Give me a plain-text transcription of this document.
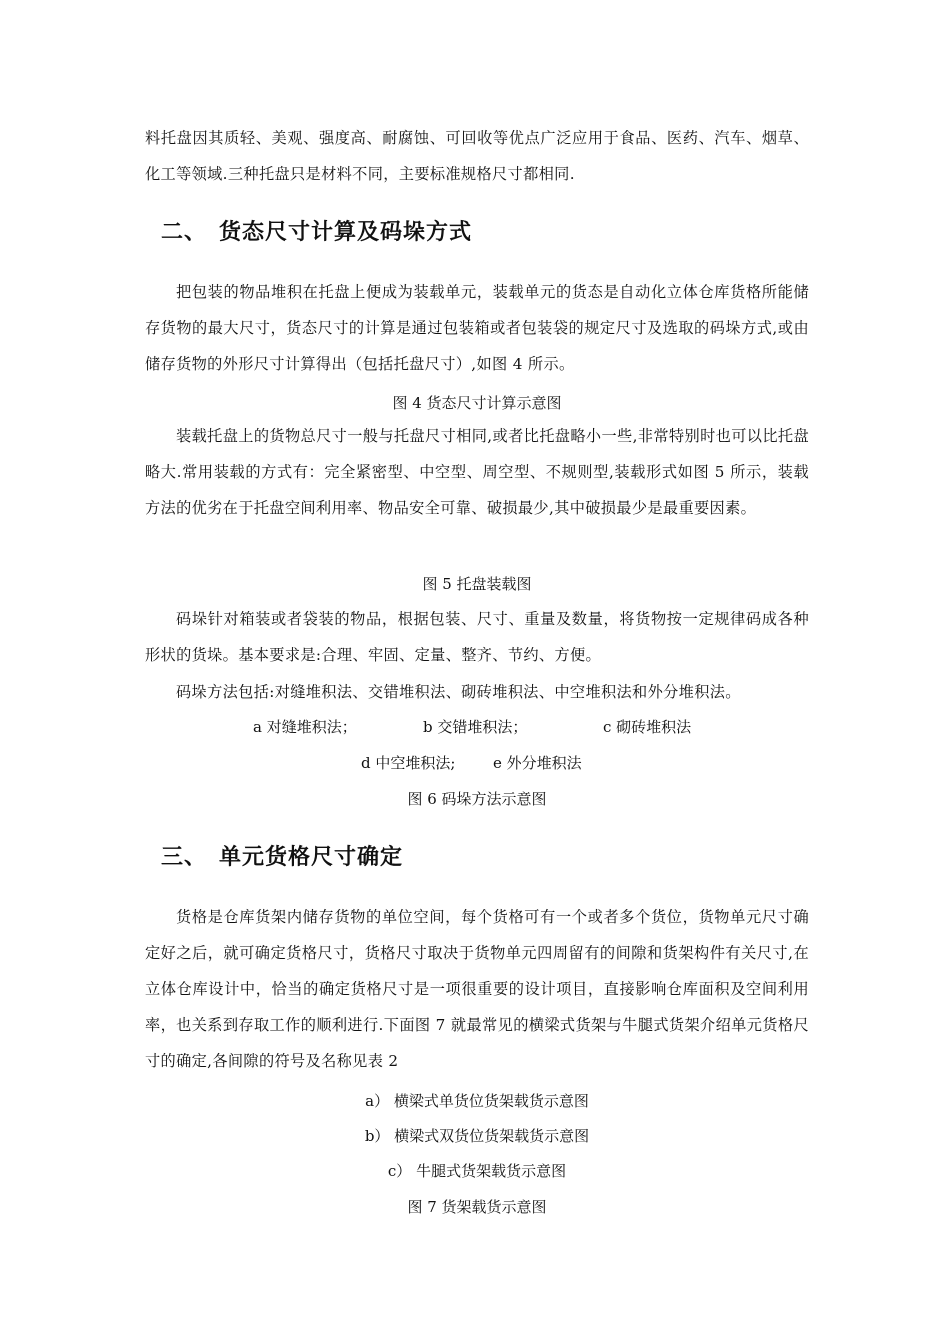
料托盘因其质轻、美观、强度高、耐腐蚀、可回收等优点广泛应用于食品、医药、汽车、烟草、化工等领域.三种托盘只是材料不同，主要标准规格尺寸都相同.

二、 货态尺寸计算及码垛方式

把包装的物品堆积在托盘上便成为装载单元，装载单元的货态是自动化立体仓库货格所能储存货物的最大尺寸，货态尺寸的计算是通过包装箱或者包装袋的规定尺寸及选取的码垛方式,或由储存货物的外形尺寸计算得出（包括托盘尺寸）,如图 4 所示。

图 4 货态尺寸计算示意图

装载托盘上的货物总尺寸一般与托盘尺寸相同,或者比托盘略小一些,非常特别时也可以比托盘略大.常用装载的方式有：完全紧密型、中空型、周空型、不规则型,装载形式如图 5 所示，装载方法的优劣在于托盘空间利用率、物品安全可靠、破损最少,其中破损最少是最重要因素。

图 5 托盘装载图

码垛针对箱装或者袋装的物品，根据包装、尺寸、重量及数量，将货物按一定规律码成各种形状的货垛。基本要求是:合理、牢固、定量、整齐、节约、方便。

码垛方法包括:对缝堆积法、交错堆积法、砌砖堆积法、中空堆积法和外分堆积法。

a 对缝堆积法；	b 交错堆积法；	c 砌砖堆积法
d 中空堆积法;	e 外分堆积法

图 6 码垛方法示意图

三、 单元货格尺寸确定

货格是仓库货架内储存货物的单位空间，每个货格可有一个或者多个货位，货物单元尺寸确定好之后，就可确定货格尺寸，货格尺寸取决于货物单元四周留有的间隙和货架构件有关尺寸,在立体仓库设计中，恰当的确定货格尺寸是一项很重要的设计项目，直接影响仓库面积及空间利用率，也关系到存取工作的顺利进行.下面图 7 就最常见的横梁式货架与牛腿式货架介绍单元货格尺寸的确定,各间隙的符号及名称见表 2

a） 横梁式单货位货架载货示意图

b） 横梁式双货位货架载货示意图

c） 牛腿式货架载货示意图

图 7 货架载货示意图
